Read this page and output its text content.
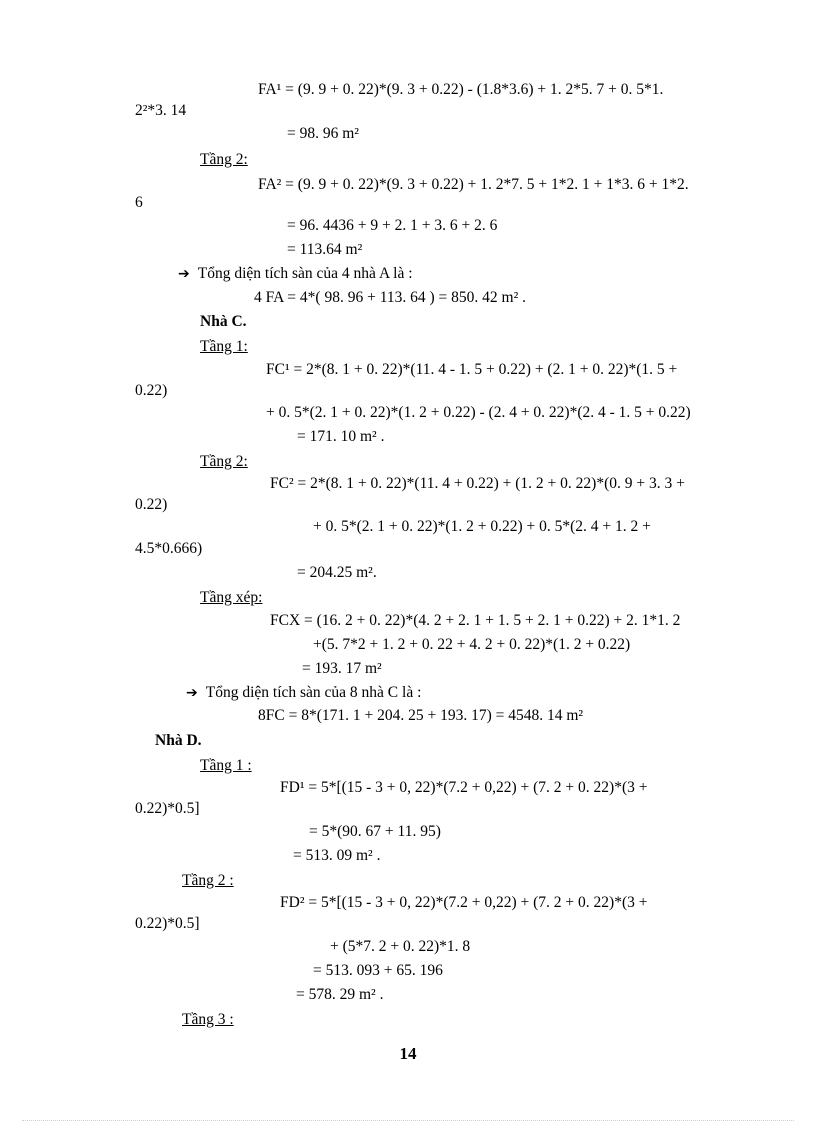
FA¹ = (9. 9 + 0. 22)*(9. 3 + 0.22) - (1.8*3.6) + 1. 2*5. 7 + 0. 5*1.
2²*3. 14
= 98. 96 m²
Tầng 2:
FA² = (9. 9 + 0. 22)*(9. 3 + 0.22) + 1. 2*7. 5 + 1*2. 1 + 1*3. 6 + 1*2.
6
= 96. 4436 + 9 + 2. 1 + 3. 6 + 2. 6
= 113.64 m²
➔ Tổng diện tích sàn của 4 nhà A là :
4 FA = 4*( 98. 96 + 113. 64 ) = 850. 42 m² .
Nhà C.
Tầng 1:
FC¹ = 2*(8. 1 + 0. 22)*(11. 4 - 1. 5 + 0.22) + (2. 1 + 0. 22)*(1. 5 +
0.22)
+ 0. 5*(2. 1 + 0. 22)*(1. 2 + 0.22) - (2. 4 + 0. 22)*(2. 4 - 1. 5 + 0.22)
= 171. 10 m² .
Tầng 2:
FC² = 2*(8. 1 + 0. 22)*(11. 4 + 0.22) + (1. 2 + 0. 22)*(0. 9 + 3. 3 +
0.22)
+ 0. 5*(2. 1 + 0. 22)*(1. 2 + 0.22) + 0. 5*(2. 4 + 1. 2 +
4.5*0.666)
= 204.25 m².
Tầng xép:
FCX = (16. 2 + 0. 22)*(4. 2 + 2. 1 + 1. 5 + 2. 1 + 0.22) + 2. 1*1. 2
+(5. 7*2 + 1. 2 + 0. 22 + 4. 2 + 0. 22)*(1. 2 + 0.22)
= 193. 17 m²
➔ Tổng diện tích sàn của 8 nhà C là :
8FC = 8*(171. 1 + 204. 25 + 193. 17) = 4548. 14 m²
Nhà D.
Tầng 1 :
FD¹ = 5*[(15 - 3 + 0, 22)*(7.2 + 0,22) + (7. 2 + 0. 22)*(3 +
0.22)*0.5]
= 5*(90. 67 + 11. 95)
= 513. 09 m² .
Tầng 2 :
FD² = 5*[(15 - 3 + 0, 22)*(7.2 + 0,22) + (7. 2 + 0. 22)*(3 +
0.22)*0.5]
+ (5*7. 2 + 0. 22)*1. 8
= 513. 093 + 65. 196
= 578. 29 m² .
Tầng 3 :
14
